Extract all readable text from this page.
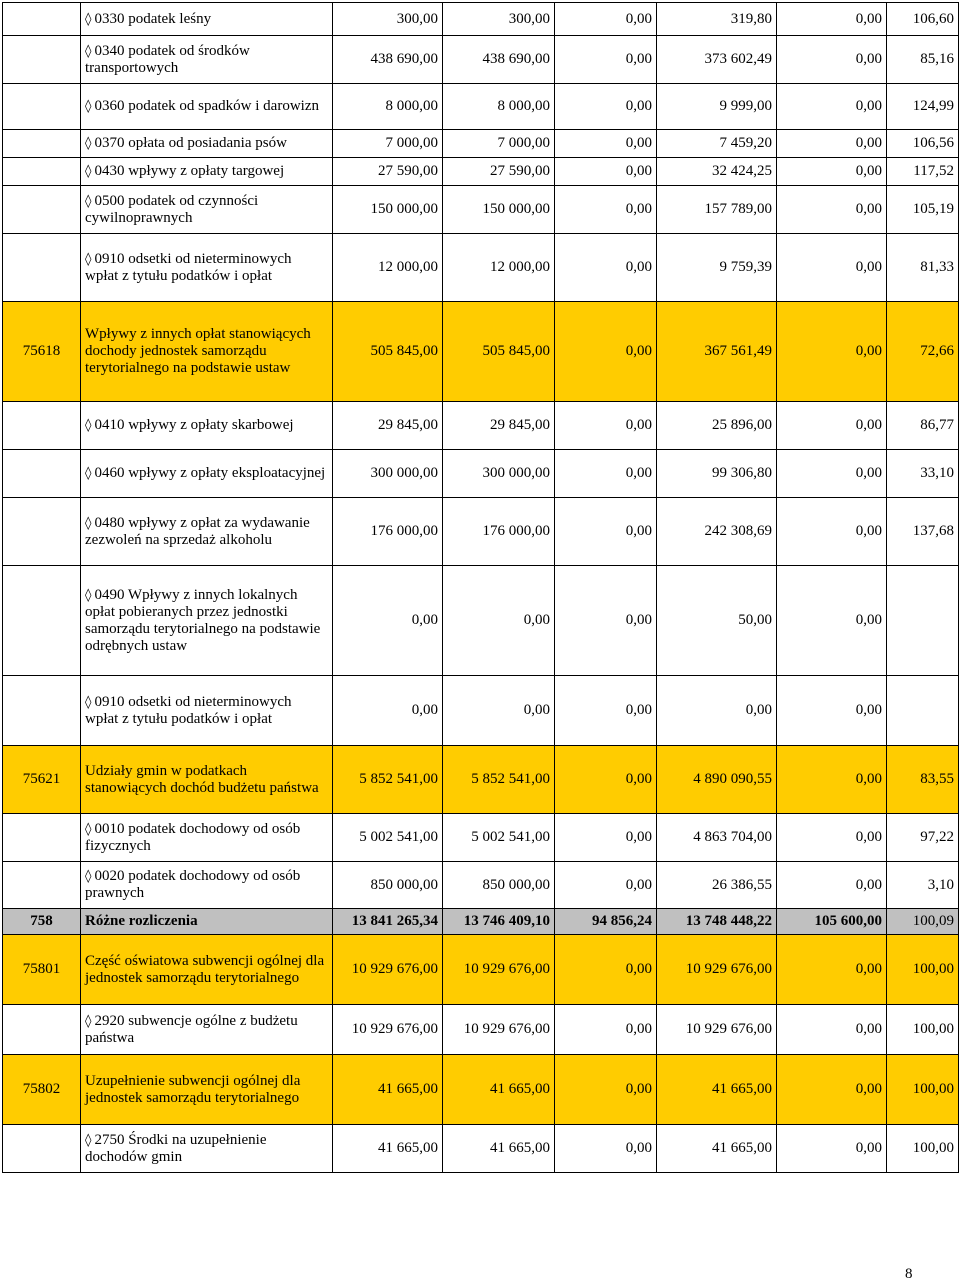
	◊ 0330 podatek leśny	300,00	300,00	0,00	319,80	0,00	106,60
	◊ 0340 podatek od środków transportowych	438 690,00	438 690,00	0,00	373 602,49	0,00	85,16
	◊ 0360 podatek od spadków i darowizn	8 000,00	8 000,00	0,00	9 999,00	0,00	124,99
	◊ 0370 opłata od posiadania psów	7 000,00	7 000,00	0,00	7 459,20	0,00	106,56
	◊ 0430 wpływy z opłaty targowej	27 590,00	27 590,00	0,00	32 424,25	0,00	117,52
	◊ 0500 podatek od czynności cywilnoprawnych	150 000,00	150 000,00	0,00	157 789,00	0,00	105,19
	◊ 0910 odsetki od nieterminowych wpłat z tytułu podatków i opłat	12 000,00	12 000,00	0,00	9 759,39	0,00	81,33
75618	Wpływy z innych opłat stanowiących dochody jednostek samorządu terytorialnego na podstawie ustaw	505 845,00	505 845,00	0,00	367 561,49	0,00	72,66
	◊ 0410 wpływy z opłaty skarbowej	29 845,00	29 845,00	0,00	25 896,00	0,00	86,77
	◊ 0460 wpływy z opłaty eksploatacyjnej	300 000,00	300 000,00	0,00	99 306,80	0,00	33,10
	◊ 0480 wpływy z opłat za wydawanie zezwoleń na sprzedaż alkoholu	176 000,00	176 000,00	0,00	242 308,69	0,00	137,68
	◊ 0490 Wpływy z innych lokalnych opłat pobieranych przez jednostki samorządu terytorialnego na podstawie odrębnych ustaw	0,00	0,00	0,00	50,00	0,00	
	◊ 0910 odsetki od nieterminowych wpłat z tytułu podatków i opłat	0,00	0,00	0,00	0,00	0,00	
75621	Udziały gmin w podatkach stanowiących dochód budżetu państwa	5 852 541,00	5 852 541,00	0,00	4 890 090,55	0,00	83,55
	◊ 0010 podatek dochodowy od osób fizycznych	5 002 541,00	5 002 541,00	0,00	4 863 704,00	0,00	97,22
	◊ 0020 podatek dochodowy od osób prawnych	850 000,00	850 000,00	0,00	26 386,55	0,00	3,10
758	Różne rozliczenia	13 841 265,34	13 746 409,10	94 856,24	13 748 448,22	105 600,00	100,09
75801	Część oświatowa subwencji ogólnej dla jednostek samorządu terytorialnego	10 929 676,00	10 929 676,00	0,00	10 929 676,00	0,00	100,00
	◊ 2920 subwencje ogólne z budżetu państwa	10 929 676,00	10 929 676,00	0,00	10 929 676,00	0,00	100,00
75802	Uzupełnienie subwencji ogólnej dla jednostek samorządu terytorialnego	41 665,00	41 665,00	0,00	41 665,00	0,00	100,00
	◊ 2750 Środki na uzupełnienie dochodów gmin	41 665,00	41 665,00	0,00	41 665,00	0,00	100,00
8
